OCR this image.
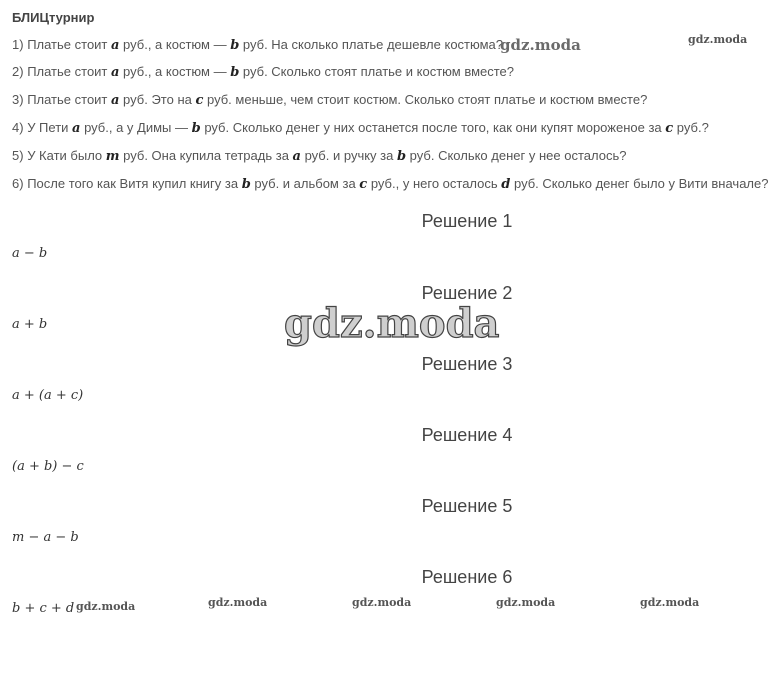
БЛИЦтурнир
1) Платье стоит a руб., а костюм — b руб. На сколько платье дешевле костюма?
2) Платье стоит a руб., а костюм — b руб. Сколько стоят платье и костюм вместе?
3) Платье стоит a руб. Это на c руб. меньше, чем стоит костюм. Сколько стоят платье и костюм вместе?
4) У Пети a руб., а у Димы — b руб. Сколько денег у них останется после того, как они купят мороженое за c руб.?
5) У Кати было m руб. Она купила тетрадь за a руб. и ручку за b руб. Сколько денег у нее осталось?
6) После того как Витя купил книгу за b руб. и альбом за c руб., у него осталось d руб. Сколько денег было у Вити вначале?
Решение 1
a − b
Решение 2
a + b
Решение 3
a + (a + c)
Решение 4
(a + b) − c
Решение 5
m − a − b
Решение 6
b + c + d
gdz.moda	gdz.moda
gdz.moda
gdz.moda	gdz.moda	gdz.moda	gdz.moda	gdz.moda
